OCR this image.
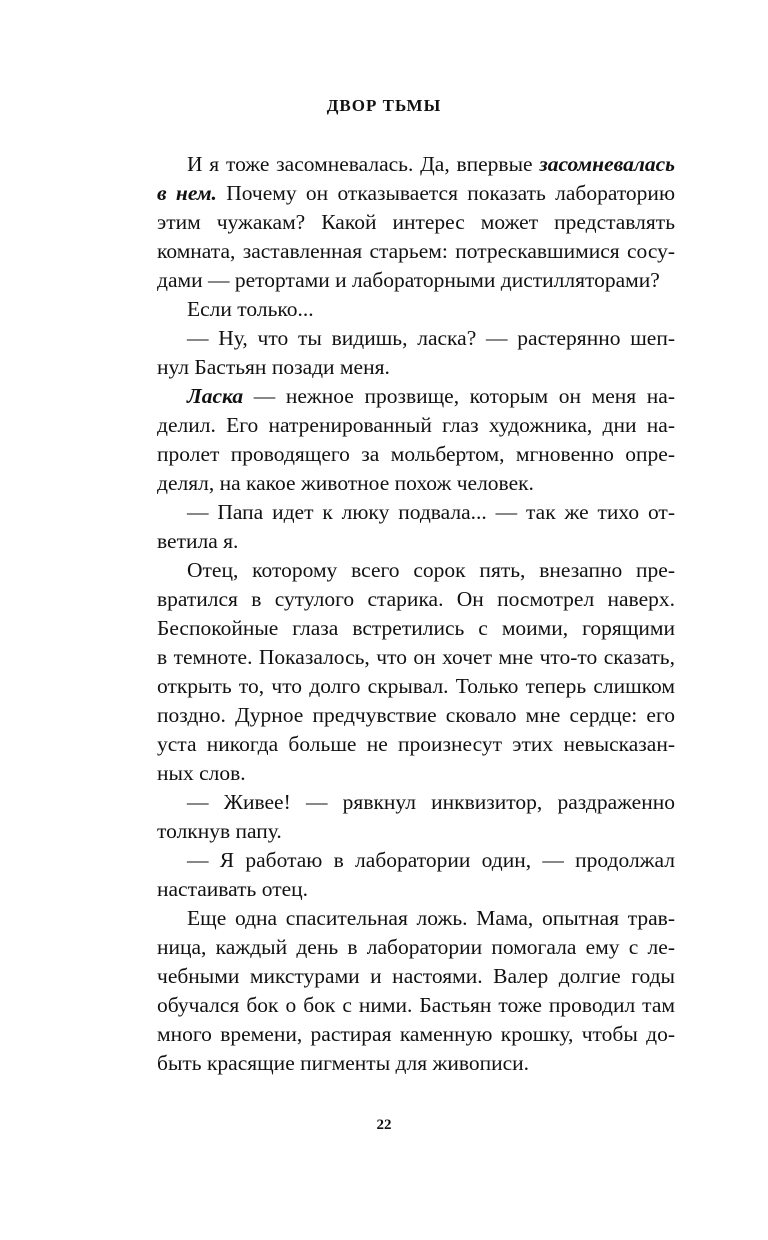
ДВОР ТЬМЫ
И я тоже засомневалась. Да, впервые засомневалась
в нем. Почему он отказывается показать лабораторию
этим чужакам? Какой интерес может представлять
комната, заставленная старьем: потрескавшимися сосу-
дами — ретортами и лабораторными дистилляторами?
Если только...
— Ну, что ты видишь, ласка? — растерянно шеп-
нул Бастьян позади меня.
Ласка — нежное прозвище, которым он меня на-
делил. Его натренированный глаз художника, дни на-
пролет проводящего за мольбертом, мгновенно опре-
делял, на какое животное похож человек.
— Папа идет к люку подвала... — так же тихо от-
ветила я.
Отец, которому всего сорок пять, внезапно пре-
вратился в сутулого старика. Он посмотрел наверх.
Беспокойные глаза встретились с моими, горящими
в темноте. Показалось, что он хочет мне что-то сказать,
открыть то, что долго скрывал. Только теперь слишком
поздно. Дурное предчувствие сковало мне сердце: его
уста никогда больше не произнесут этих невысказан-
ных слов.
— Живее! — рявкнул инквизитор, раздраженно
толкнув папу.
— Я работаю в лаборатории один, — продолжал
настаивать отец.
Еще одна спасительная ложь. Мама, опытная трав-
ница, каждый день в лаборатории помогала ему с ле-
чебными микстурами и настоями. Валер долгие годы
обучался бок о бок с ними. Бастьян тоже проводил там
много времени, растирая каменную крошку, чтобы до-
быть красящие пигменты для живописи.
22
